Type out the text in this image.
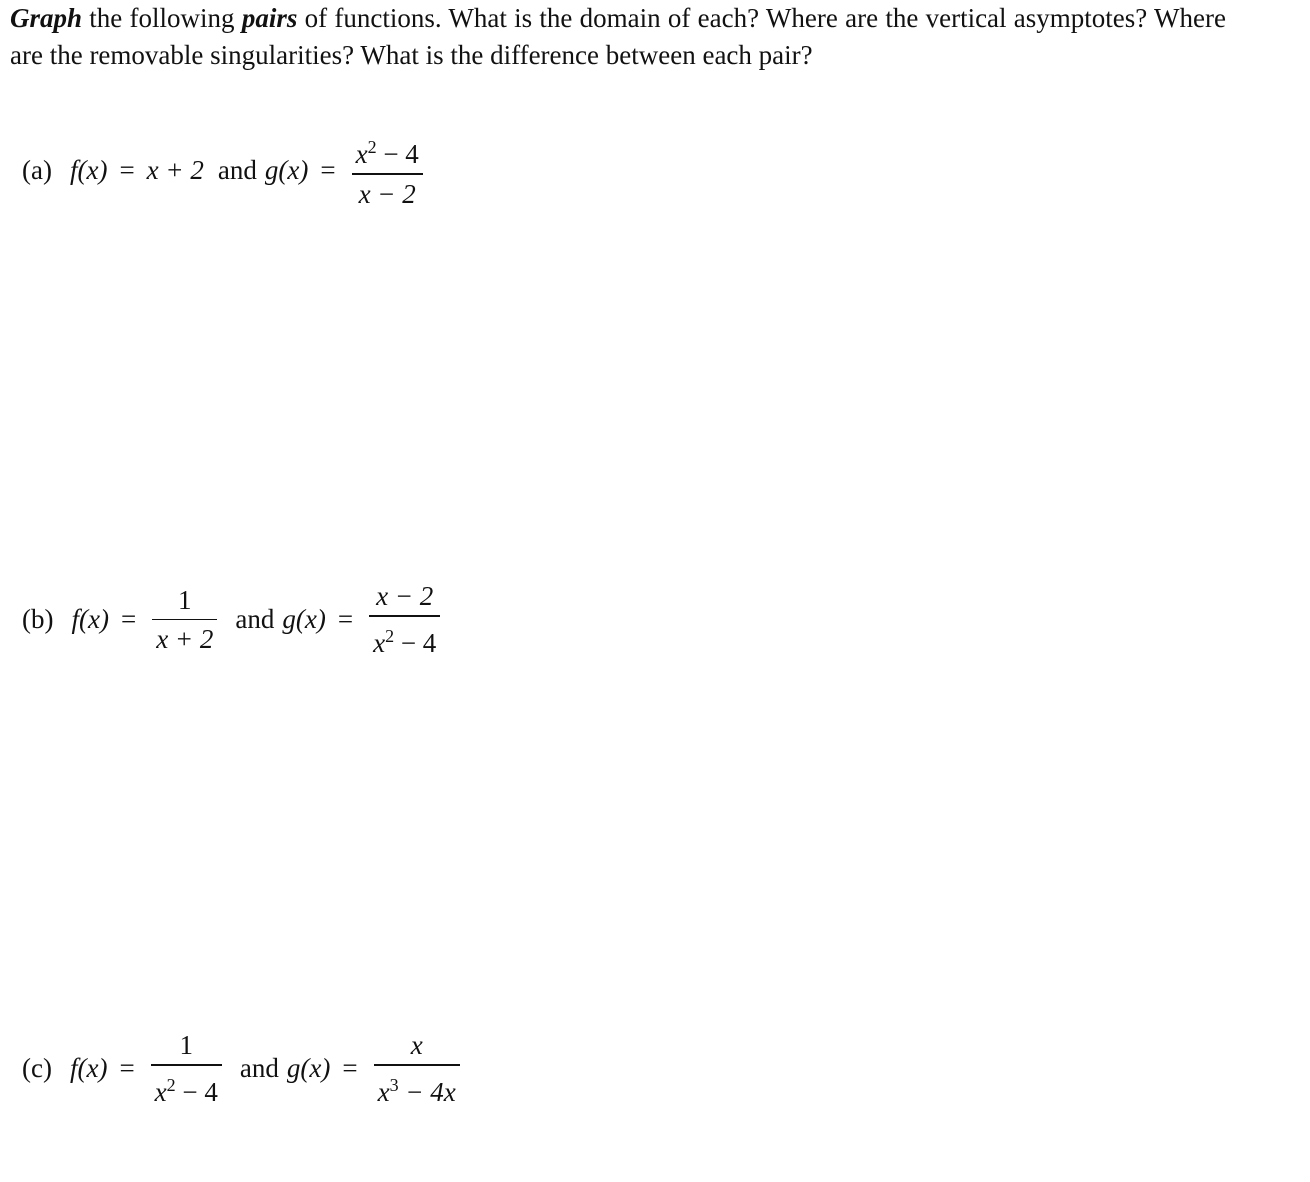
Graph the following pairs of functions. What is the domain of each? Where are the vertical asymptotes? Where are the removable singularities? What is the difference between each pair?
(a) f(x) = x + 2 and $g(x) = \frac{x^2 - 4}{x - 2}$
(b) $f(x) = \frac{1}{x + 2}$ and $g(x) = \frac{x - 2}{x^2 - 4}$
(c) $f(x) = \frac{1}{x^2 - 4}$ and $g(x) = \frac{x}{x^3 - 4x}$
